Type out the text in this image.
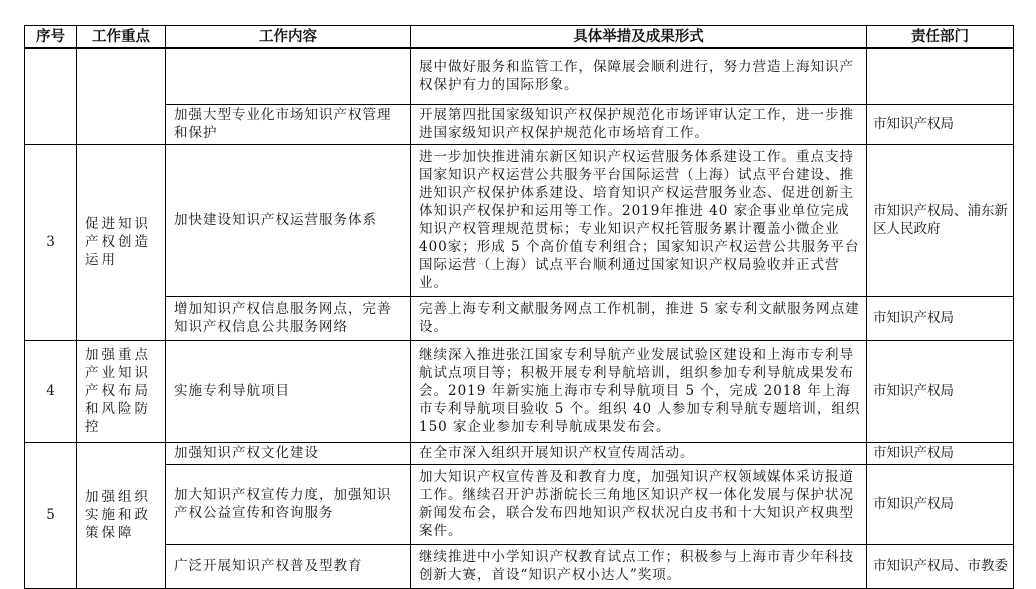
序号	工作重点	工作内容	具体举措及成果形式	责任部门
			展中做好服务和监管工作，保障展会顺利进行，努力营造上海知识产权保护有力的国际形象。	
		加强大型专业化市场知识产权管理和保护	开展第四批国家级知识产权保护规范化市场评审认定工作，进一步推进国家级知识产权保护规范化市场培育工作。	市知识产权局
3	促进知识产权创造运用	加快建设知识产权运营服务体系	进一步加快推进浦东新区知识产权运营服务体系建设工作。重点支持国家知识产权运营公共服务平台国际运营（上海）试点平台建设、推进知识产权保护体系建设、培育知识产权运营服务业态、促进创新主体知识产权保护和运用等工作。2019年推进 40 家企事业单位完成知识产权管理规范贯标；专业知识产权托管服务累计覆盖小微企业 400家；形成 5 个高价值专利组合；国家知识产权运营公共服务平台国际运营（上海）试点平台顺利通过国家知识产权局验收并正式营业。	市知识产权局、浦东新区人民政府
		增加知识产权信息服务网点，完善知识产权信息公共服务网络	完善上海专利文献服务网点工作机制，推进 5 家专利文献服务网点建设。	市知识产权局
4	加强重点产业知识产权布局和风险防控	实施专利导航项目	继续深入推进张江国家专利导航产业发展试验区建设和上海市专利导航试点项目等；积极开展专利导航培训，组织参加专利导航成果发布会。2019 年新实施上海市专利导航项目 5 个，完成 2018 年上海市专利导航项目验收 5 个。组织 40 人参加专利导航专题培训，组织 150 家企业参加专利导航成果发布会。	市知识产权局
5	加强组织实施和政策保障	加强知识产权文化建设	在全市深入组织开展知识产权宣传周活动。	市知识产权局
		加大知识产权宣传力度，加强知识产权公益宣传和咨询服务	加大知识产权宣传普及和教育力度，加强知识产权领域媒体采访报道工作。继续召开沪苏浙皖长三角地区知识产权一体化发展与保护状况新闻发布会，联合发布四地知识产权状况白皮书和十大知识产权典型案件。	市知识产权局
		广泛开展知识产权普及型教育	继续推进中小学知识产权教育试点工作；积极参与上海市青少年科技创新大赛，首设“知识产权小达人”奖项。	市知识产权局、市教委
